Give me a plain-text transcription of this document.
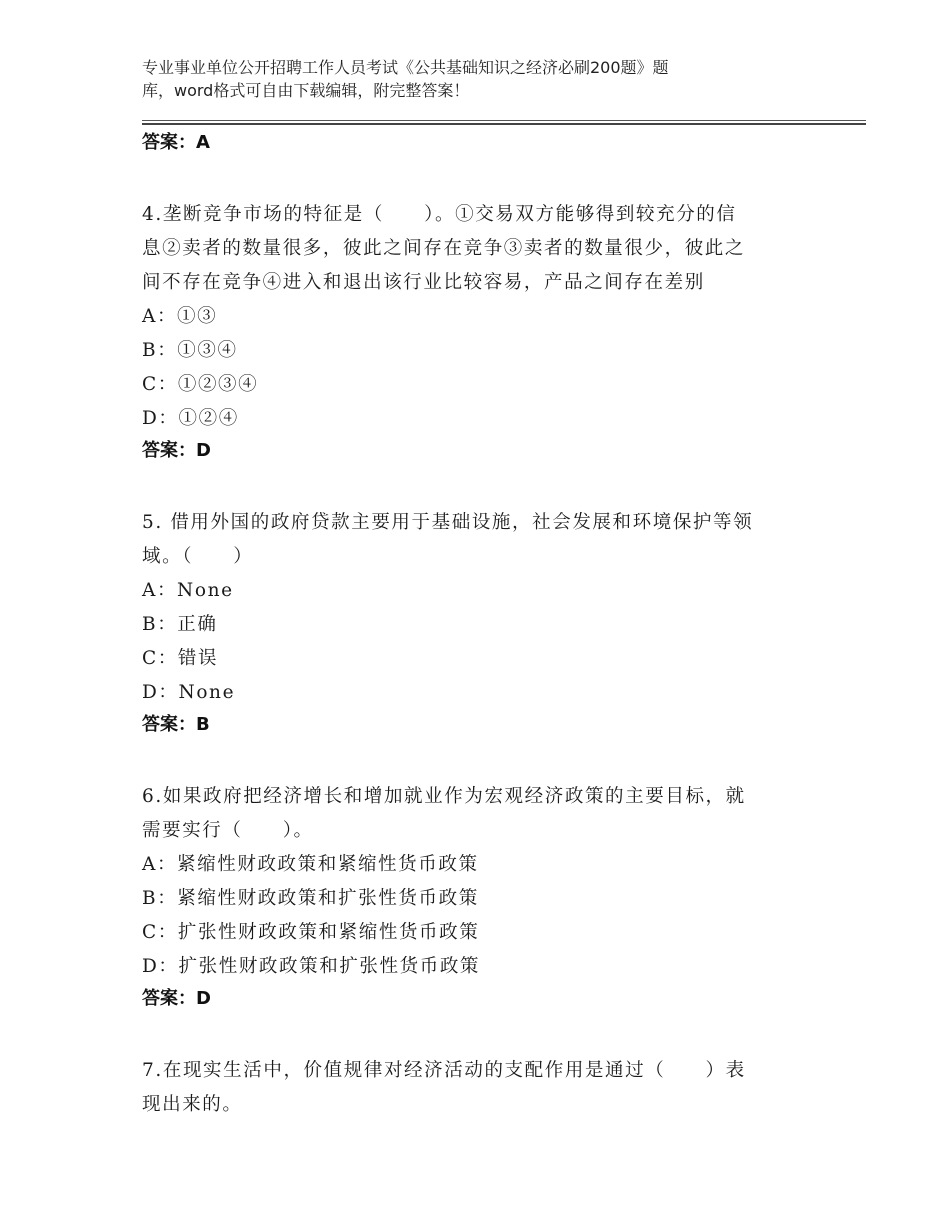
专业事业单位公开招聘工作人员考试《公共基础知识之经济必刷200题》题
库，word格式可自由下载编辑，附完整答案！
答案：A
4.垄断竞争市场的特征是（　　）。①交易双方能够得到较充分的信
息②卖者的数量很多，彼此之间存在竞争③卖者的数量很少，彼此之
间不存在竞争④进入和退出该行业比较容易，产品之间存在差别
A：①③
B：①③④
C：①②③④
D：①②④
答案：D
5. 借用外国的政府贷款主要用于基础设施，社会发展和环境保护等领
域。（　　）
A：None
B：正确
C：错误
D：None
答案：B
6.如果政府把经济增长和增加就业作为宏观经济政策的主要目标，就
需要实行（　　）。
A：紧缩性财政政策和紧缩性货币政策
B：紧缩性财政政策和扩张性货币政策
C：扩张性财政政策和紧缩性货币政策
D：扩张性财政政策和扩张性货币政策
答案：D
7.在现实生活中，价值规律对经济活动的支配作用是通过（　　）表
现出来的。
